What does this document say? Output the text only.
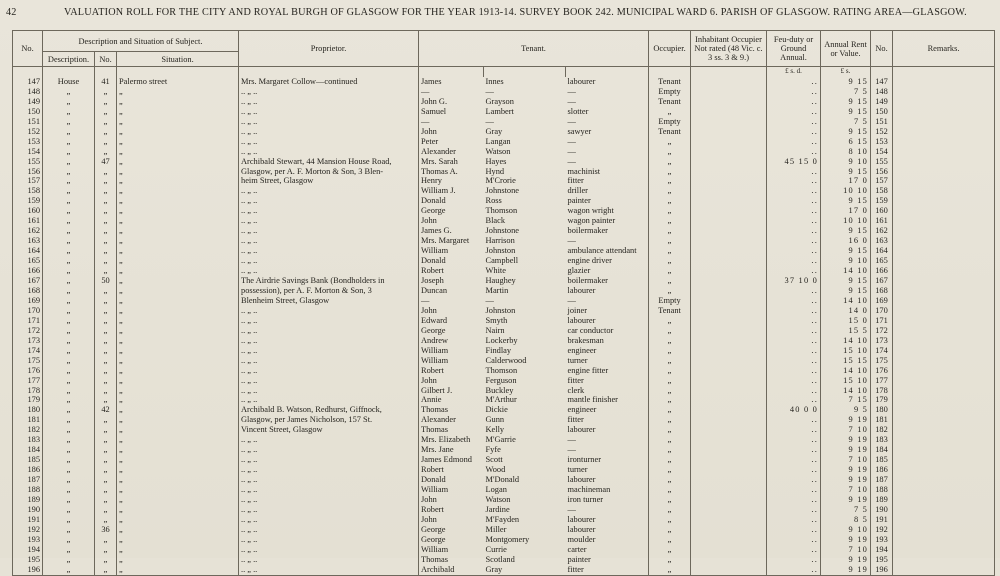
42	VALUATION ROLL FOR THE CITY AND ROYAL BURGH OF GLASGOW FOR THE YEAR 1913-14. SURVEY BOOK 242. MUNICIPAL WARD 6. PARISH OF GLASGOW. RATING AREA—GLASGOW.
No.	Description and Situation of Subject.			Proprietor.	Tenant.			Occupier.	Inhabitant Occupier Not rated (48 Vic. c. 3 ss. 3 & 9.)	Feu-duty or Ground Annual.	Annual Rent or Value.	No.	Remarks.
	Description.	No.	Situation.										
										£ s. d.	£ s.		
147	House	41	Palermo street	Mrs. Margaret Collow—continued	James	Innes	labourer	Tenant		..	9 15	147	
148	„	„	„	.. „ ..	—	—	—	Empty		..	7 5	148	
149	„	„	„	.. „ ..	John G.	Grayson	—	Tenant		..	9 15	149	
150	„	„	„	.. „ ..	Samuel	Lambert	slotter	„		..	9 15	150	
151	„	„	„	.. „ ..	—	—	—	Empty		..	7 5	151	
152	„	„	„	.. „ ..	John	Gray	sawyer	Tenant		..	9 15	152	
153	„	„	„	.. „ ..	Peter	Langan	—	„		..	6 15	153	
154	„	„	„	.. „ ..	Alexander	Watson	—	„		..	8 10	154	
155	„	47	„	Archibald Stewart, 44 Mansion House Road,	Mrs. Sarah	Hayes	—	„		45 15 0	9 10	155	
156	„	„	„	Glasgow, per A. F. Morton & Son, 3 Blen-	Thomas A.	Hynd	machinist	„		..	9 15	156	
157	„	„	„	heim Street, Glasgow	Henry	M'Crorie	fitter	„		..	17 0	157	
158	„	„	„	.. „ ..	William J.	Johnstone	driller	„		..	10 10	158	
159	„	„	„	.. „ ..	Donald	Ross	painter	„		..	9 15	159	
160	„	„	„	.. „ ..	George	Thomson	wagon wright	„		..	17 0	160	
161	„	„	„	.. „ ..	John	Black	wagon painter	„		..	10 10	161	
162	„	„	„	.. „ ..	James G.	Johnstone	boilermaker	„		..	9 15	162	
163	„	„	„	.. „ ..	Mrs. Margaret	Harrison	—	„		..	16 0	163	
164	„	„	„	.. „ ..	William	Johnston	ambulance attendant	„		..	9 15	164	
165	„	„	„	.. „ ..	Donald	Campbell	engine driver	„		..	9 10	165	
166	„	„	„	.. „ ..	Robert	White	glazier	„		..	14 10	166	
167	„	50	„	The Airdrie Savings Bank (Bondholders in	Joseph	Haughey	boilermaker	„		37 10 0	9 15	167	
168	„	„	„	possession), per A. F. Morton & Son, 3	Duncan	Martin	labourer	„		..	9 15	168	
169	„	„	„	Blenheim Street, Glasgow	—	—	—	Empty		..	14 10	169	
170	„	„	„	.. „ ..	John	Johnston	joiner	Tenant		..	14 0	170	
171	„	„	„	.. „ ..	Edward	Smyth	labourer	„		..	15 0	171	
172	„	„	„	.. „ ..	George	Nairn	car conductor	„		..	15 5	172	
173	„	„	„	.. „ ..	Andrew	Lockerby	brakesman	„		..	14 10	173	
174	„	„	„	.. „ ..	William	Findlay	engineer	„		..	15 10	174	
175	„	„	„	.. „ ..	William	Calderwood	turner	„		..	15 15	175	
176	„	„	„	.. „ ..	Robert	Thomson	engine fitter	„		..	14 10	176	
177	„	„	„	.. „ ..	John	Ferguson	fitter	„		..	15 10	177	
178	„	„	„	.. „ ..	Gilbert J.	Buckley	clerk	„		..	14 10	178	
179	„	„	„	.. „ ..	Annie	M'Arthur	mantle finisher	„		..	7 15	179	
180	„	42	„	Archibald B. Watson, Redhurst, Giffnock,	Thomas	Dickie	engineer	„		40 0 0	9 5	180	
181	„	„	„	Glasgow, per James Nicholson, 157 St.	Alexander	Gunn	fitter	„		..	9 19	181	
182	„	„	„	Vincent Street, Glasgow	Thomas	Kelly	labourer	„		..	7 10	182	
183	„	„	„	.. „ ..	Mrs. Elizabeth	M'Garrie	—	„		..	9 19	183	
184	„	„	„	.. „ ..	Mrs. Jane	Fyfe	—	„		..	9 19	184	
185	„	„	„	.. „ ..	James Edmond	Scott	ironturner	„		..	7 10	185	
186	„	„	„	.. „ ..	Robert	Wood	turner	„		..	9 19	186	
187	„	„	„	.. „ ..	Donald	M'Donald	labourer	„		..	9 19	187	
188	„	„	„	.. „ ..	William	Logan	machineman	„		..	7 10	188	
189	„	„	„	.. „ ..	John	Watson	iron turner	„		..	9 19	189	
190	„	„	„	.. „ ..	Robert	Jardine	—	„		..	7 5	190	
191	„	„	„	.. „ ..	John	M'Fayden	labourer	„		..	8 5	191	
192	„	36	„	.. „ ..	George	Miller	labourer	„		..	9 10	192	
193	„	„	„	.. „ ..	George	Montgomery	moulder	„		..	9 19	193	
194	„	„	„	.. „ ..	William	Currie	carter	„		..	7 10	194	
195	„	„	„	.. „ ..	Thomas	Scotland	painter	„		..	9 19	195	
196	„	„	„	.. „ ..	Archibald	Gray	fitter	„		..	9 19	196	
